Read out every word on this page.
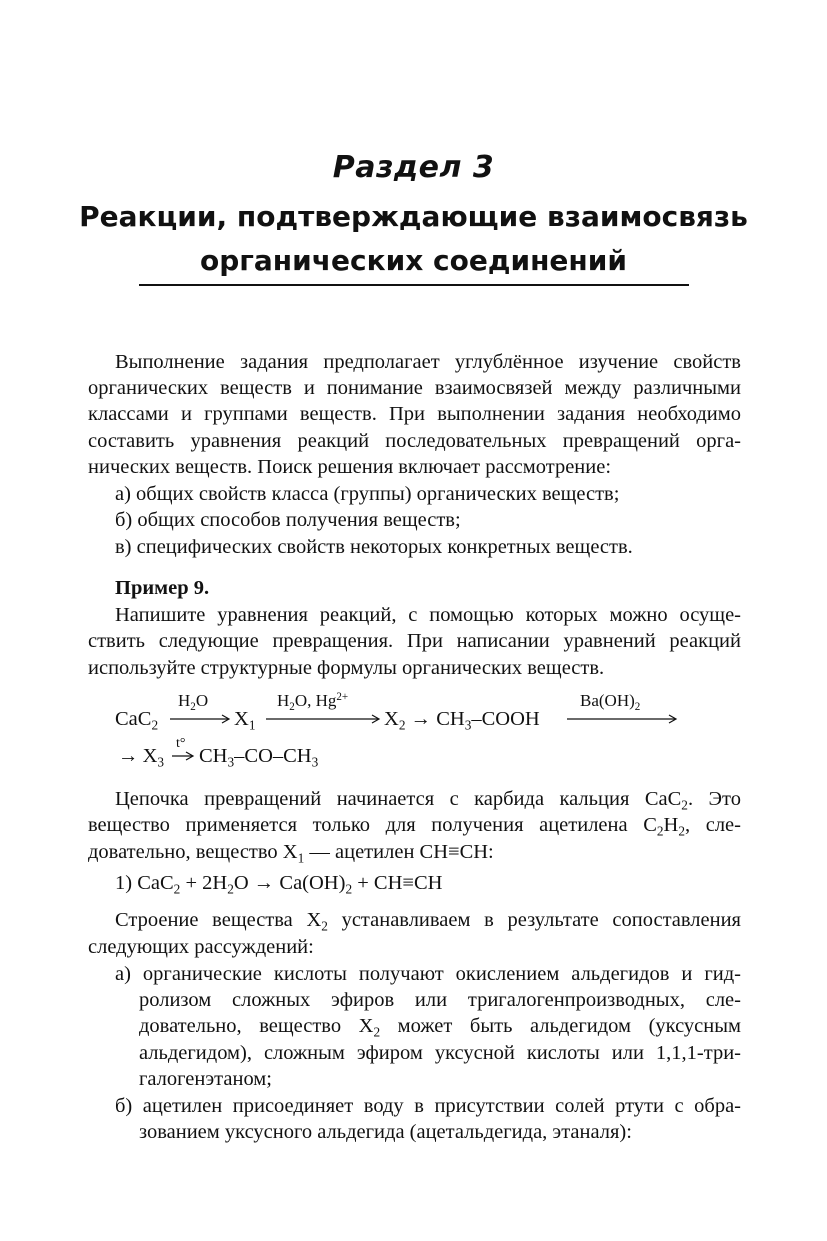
Раздел 3
Реакции, подтверждающие взаимосвязь
органических соединений
Выполнение задания предполагает углублённое изучение свойств
органических веществ и понимание взаимосвязей между различными
классами и группами веществ. При выполнении задания необходимо
составить уравнения реакций последовательных превращений орга-
нических веществ. Поиск решения включает рассмотрение:
а) общих свойств класса (группы) органических веществ;
б) общих способов получения веществ;
в) специфических свойств некоторых конкретных веществ.
Пример 9.
Напишите уравнения реакций, с помощью которых можно осуще-
ствить следующие превращения. При написании уравнений реакций
используйте структурные формулы органических веществ.
CaC$_2$
$H_2O$
→ $X_1$
$H_2O$, $Hg^{2+}$
$X_2$ → $CH_3$–COOH
$Ba(OH)_2$
→  $X_3$
t°
→ $CH_3-CO-CH_3$
Цепочка превращений начинается с карбида кальция CaC$_2$. Это
вещество применяется только для получения ацетилена $C_2H_2$, сле-
довательно, вещество $X_1$ — ацетилен CH≡CH:
1) $CaC_2 + 2H_2O \to Ca(OH)_2 + CH\equiv CH$
Строение вещества $X_2$ устанавливаем в результате сопоставления
следующих рассуждений:
а) органические кислоты получают окислением альдегидов и гид-
ролизом сложных эфиров или тригалогенпроизводных, сле-
довательно, вещество $X_2$ может быть альдегидом (уксусным
альдегидом), сложным эфиром уксусной кислоты или 1,1,1-три-
галогенэтаном;
б) ацетилен присоединяет воду в присутствии солей ртути с обра-
зованием уксусного альдегида (ацетальдегида, этаналя):
